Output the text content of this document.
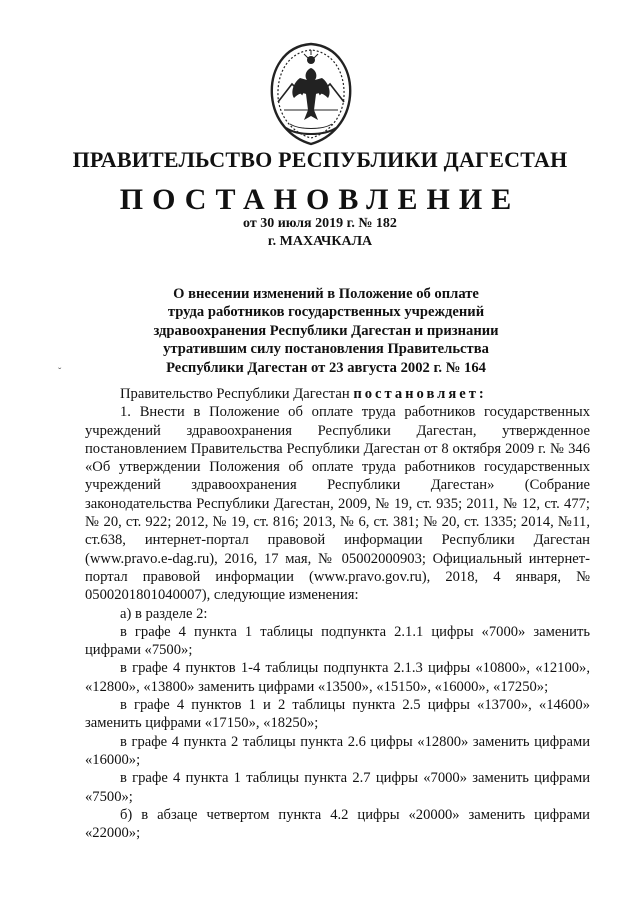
ПРАВИТЕЛЬСТВО РЕСПУБЛИКИ ДАГЕСТАН
ПОСТАНОВЛЕНИЕ
от 30 июля 2019 г. № 182
г. МАХАЧКАЛА
О внесении изменений в Положение об оплате
труда работников государственных учреждений
здравоохранения Республики Дагестан и признании
утратившим силу постановления Правительства
Республики Дагестан от 23 августа 2002 г. № 164
ˇ

Правительство Республики Дагестан постановляет:

1. Внести в Положение об оплате труда работников государственных учреждений здравоохранения Республики Дагестан, утвержденное постановлением Правительства Республики Дагестан от 8 октября 2009 г. № 346 «Об утверждении Положения об оплате труда работников государственных учреждений здравоохранения Республики Дагестан» (Собрание законодательства Республики Дагестан, 2009, № 19, ст. 935; 2011, № 12, ст. 477; № 20, ст. 922; 2012, № 19, ст. 816; 2013, № 6, ст. 381; № 20, ст. 1335; 2014, №11, ст.638, интернет-портал правовой информации Республики Дагестан (www.pravo.e-dag.ru), 2016, 17 мая, № 05002000903; Официальный интернет-портал правовой информации (www.pravo.gov.ru), 2018, 4 января, № 0500201801040007), следующие изменения:

а) в разделе 2:

в графе 4 пункта 1 таблицы подпункта 2.1.1 цифры «7000» заменить цифрами «7500»;

в графе 4 пунктов 1-4 таблицы подпункта 2.1.3 цифры «10800», «12100», «12800», «13800» заменить цифрами «13500», «15150», «16000», «17250»;

в графе 4 пунктов 1 и 2 таблицы пункта 2.5 цифры «13700», «14600» заменить цифрами «17150», «18250»;

в графе 4 пункта 2 таблицы пункта 2.6 цифры «12800» заменить цифрами «16000»;

в графе 4 пункта 1 таблицы пункта 2.7 цифры «7000» заменить цифрами «7500»;

б) в абзаце четвертом пункта 4.2 цифры «20000» заменить цифрами «22000»;
